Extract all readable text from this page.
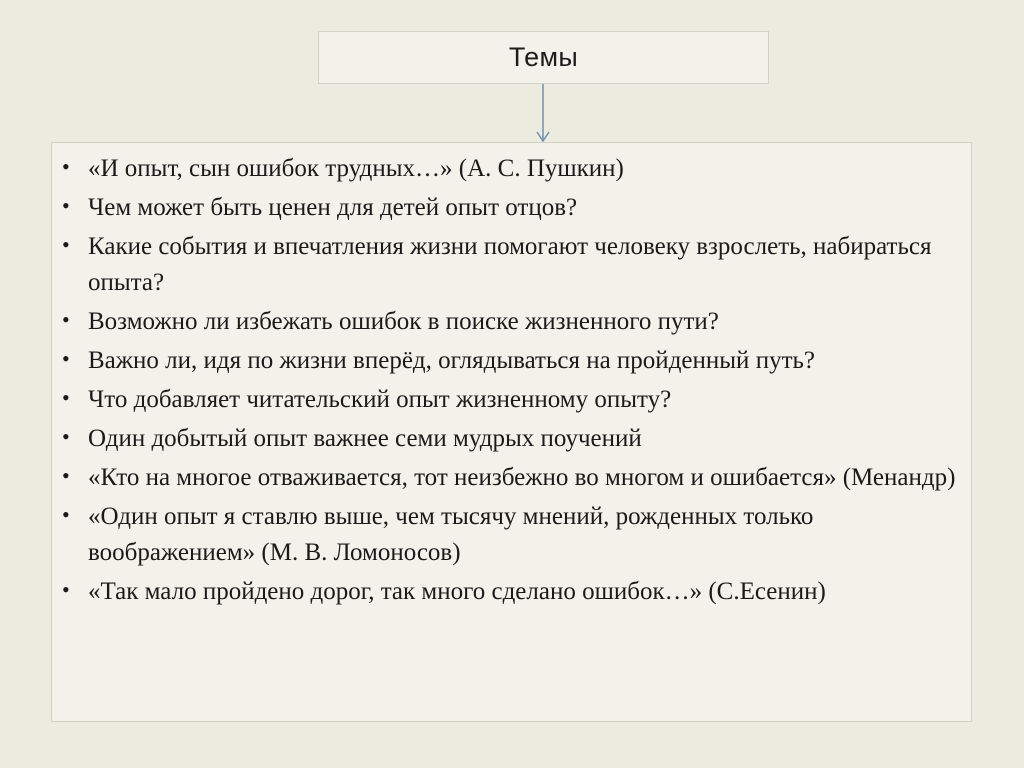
Темы
• «И опыт, сын ошибок трудных…» (А. С. Пушкин)
• Чем может быть ценен для детей опыт отцов?
• Какие события и впечатления жизни помогают человеку взрослеть, набираться опыта?
• Возможно ли избежать ошибок в поиске жизненного пути?
• Важно ли, идя по жизни вперёд, оглядываться на пройденный путь?
• Что добавляет читательский опыт жизненному опыту?
• Один добытый опыт важнее семи мудрых поучений
• «Кто на многое отваживается, тот неизбежно во многом и ошибается» (Менандр)
• «Один опыт я ставлю выше, чем тысячу мнений, рожденных только воображением» (М. В. Ломоносов)
• «Так мало пройдено дорог, так много сделано ошибок…» (С.Есенин)
